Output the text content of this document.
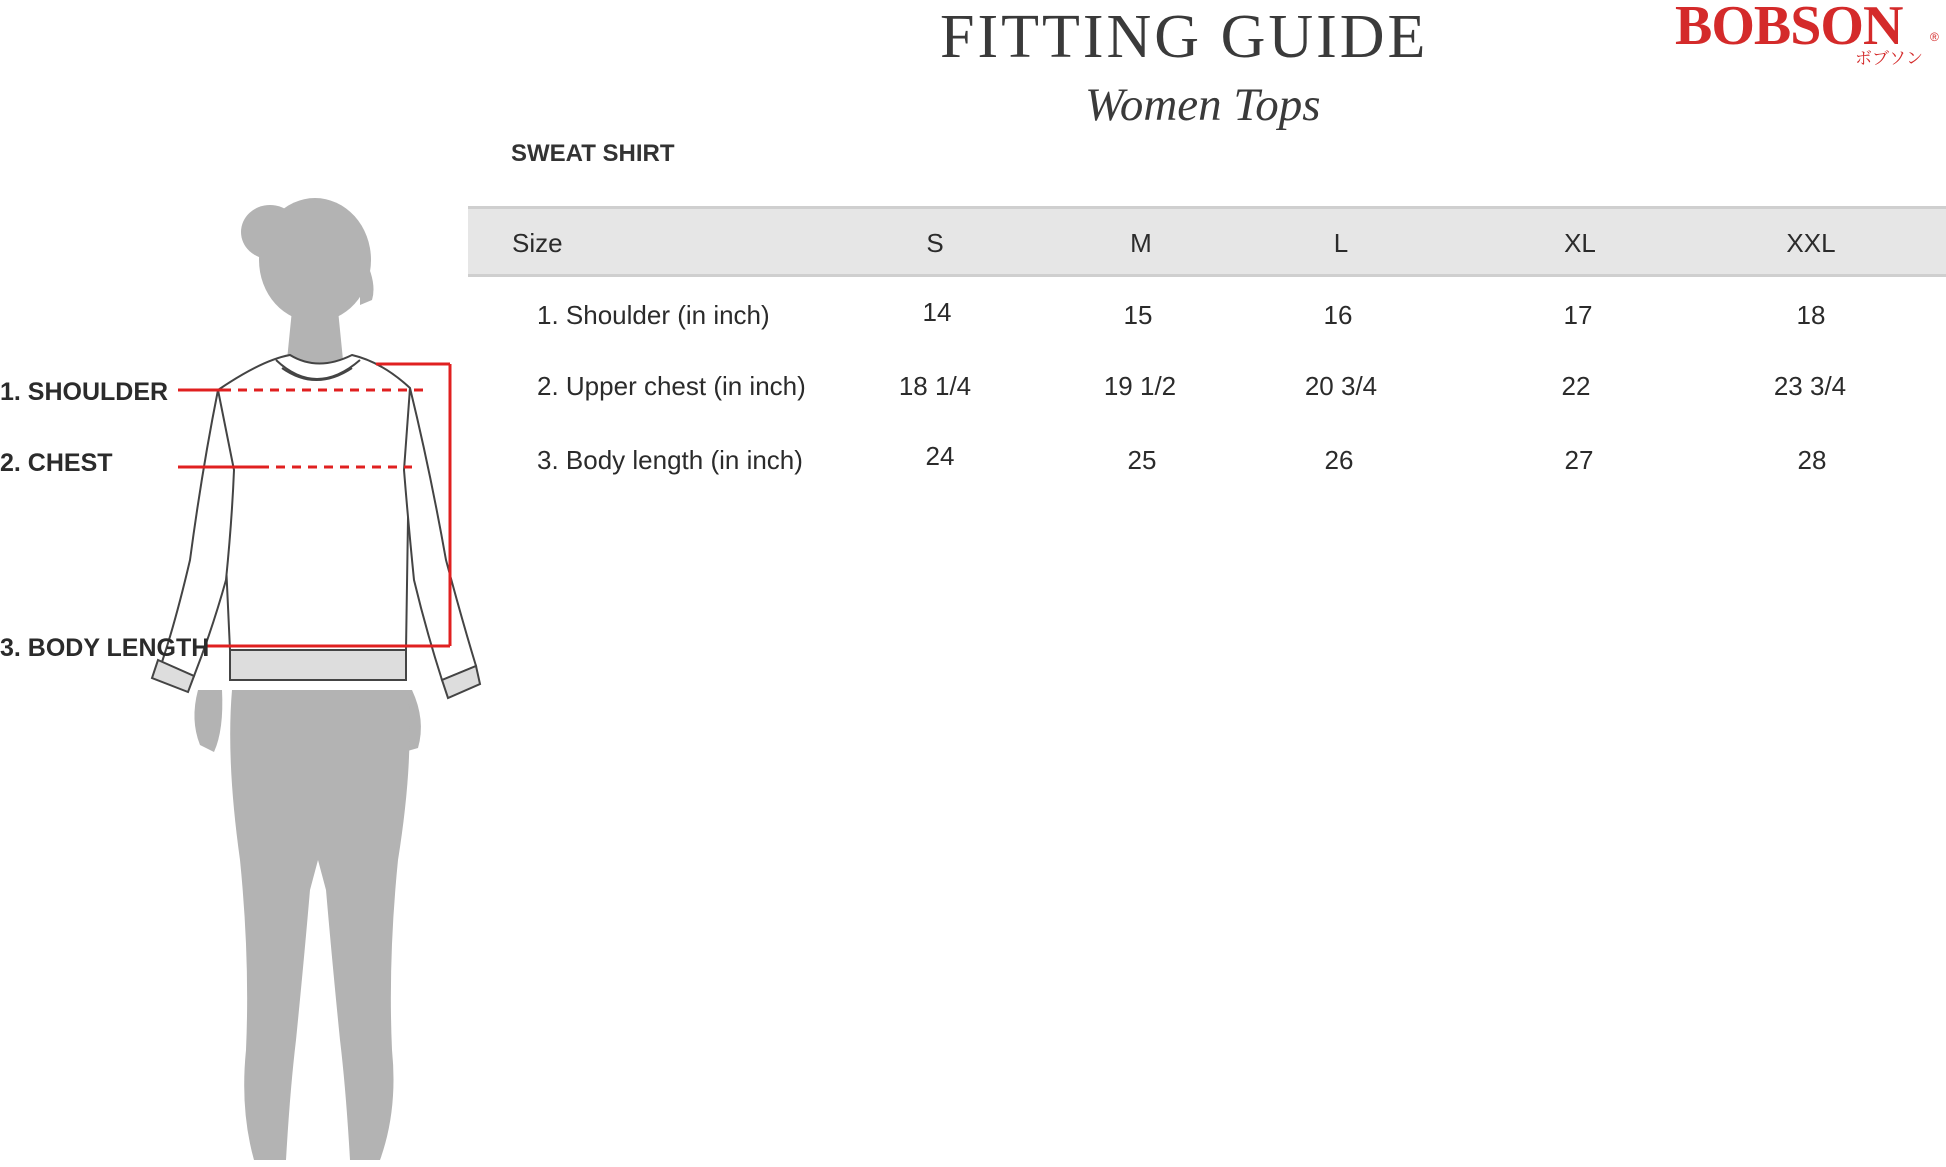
FITTING GUIDE
Women Tops
BOBSON ®
ボブソン
SWEAT SHIRT
Size	S	M	L	XL	XXL
1. Shoulder (in inch)	14	15	16	17	18
2. Upper chest (in inch)	18 1/4	19 1/2	20 3/4	22	23 3/4
3. Body length (in inch)	24	25	26	27	28
1. SHOULDER
2. CHEST
3. BODY LENGTH
